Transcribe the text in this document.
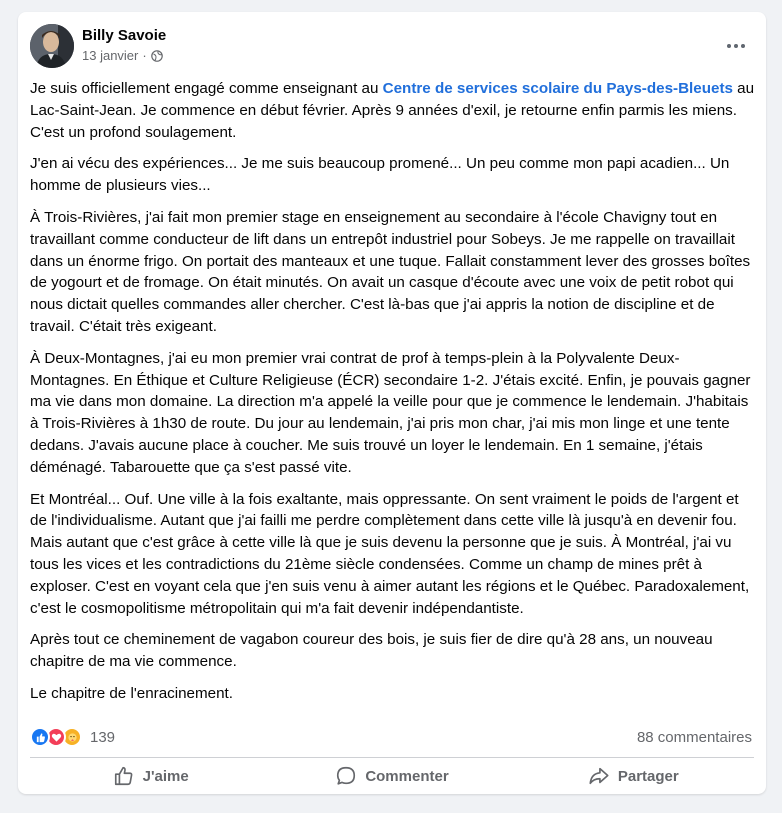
Billy Savoie
13 janvier ·

Je suis officiellement engagé comme enseignant au Centre de services scolaire du Pays-des-Bleuets au Lac-Saint-Jean. Je commence en début février. Après 9 années d'exil, je retourne enfin parmis les miens. C'est un profond soulagement.

J'en ai vécu des expériences... Je me suis beaucoup promené... Un peu comme mon papi acadien... Un homme de plusieurs vies...

À Trois-Rivières, j'ai fait mon premier stage en enseignement au secondaire à l'école Chavigny tout en travaillant comme conducteur de lift dans un entrepôt industriel pour Sobeys. Je me rappelle on travaillait dans un énorme frigo. On portait des manteaux et une tuque. Fallait constamment lever des grosses boîtes de yogourt et de fromage. On était minutés. On avait un casque d'écoute avec une voix de petit robot qui nous dictait quelles commandes aller chercher. C'est là-bas que j'ai appris la notion de discipline et de travail. C'était très exigeant.

À Deux-Montagnes, j'ai eu mon premier vrai contrat de prof à temps-plein à la Polyvalente Deux-Montagnes. En Éthique et Culture Religieuse (ÉCR) secondaire 1-2. J'étais excité. Enfin, je pouvais gagner ma vie dans mon domaine. La direction m'a appelé la veille pour que je commence le lendemain. J'habitais à Trois-Rivières à 1h30 de route. Du jour au lendemain, j'ai pris mon char, j'ai mis mon linge et une tente dedans. J'avais aucune place à coucher. Me suis trouvé un loyer le lendemain. En 1 semaine, j'étais déménagé. Tabarouette que ça s'est passé vite.

Et Montréal... Ouf. Une ville à la fois exaltante, mais oppressante. On sent vraiment le poids de l'argent et de l'individualisme. Autant que j'ai failli me perdre complètement dans cette ville là jusqu'à en devenir fou. Mais autant que c'est grâce à cette ville là que je suis devenu la personne que je suis. À Montréal, j'ai vu tous les vices et les contradictions du 21ème siècle condensées. Comme un champ de mines prêt à exploser. C'est en voyant cela que j'en suis venu à aimer autant les régions et le Québec. Paradoxalement, c'est le cosmopolitisme métropolitain qui m'a fait devenir indépendantiste.

Après tout ce cheminement de vagabon coureur des bois, je suis fier de dire qu'à 28 ans, un nouveau chapitre de ma vie commence.

Le chapitre de l'enracinement.

139	88 commentaires
J'aime	Commenter	Partager
